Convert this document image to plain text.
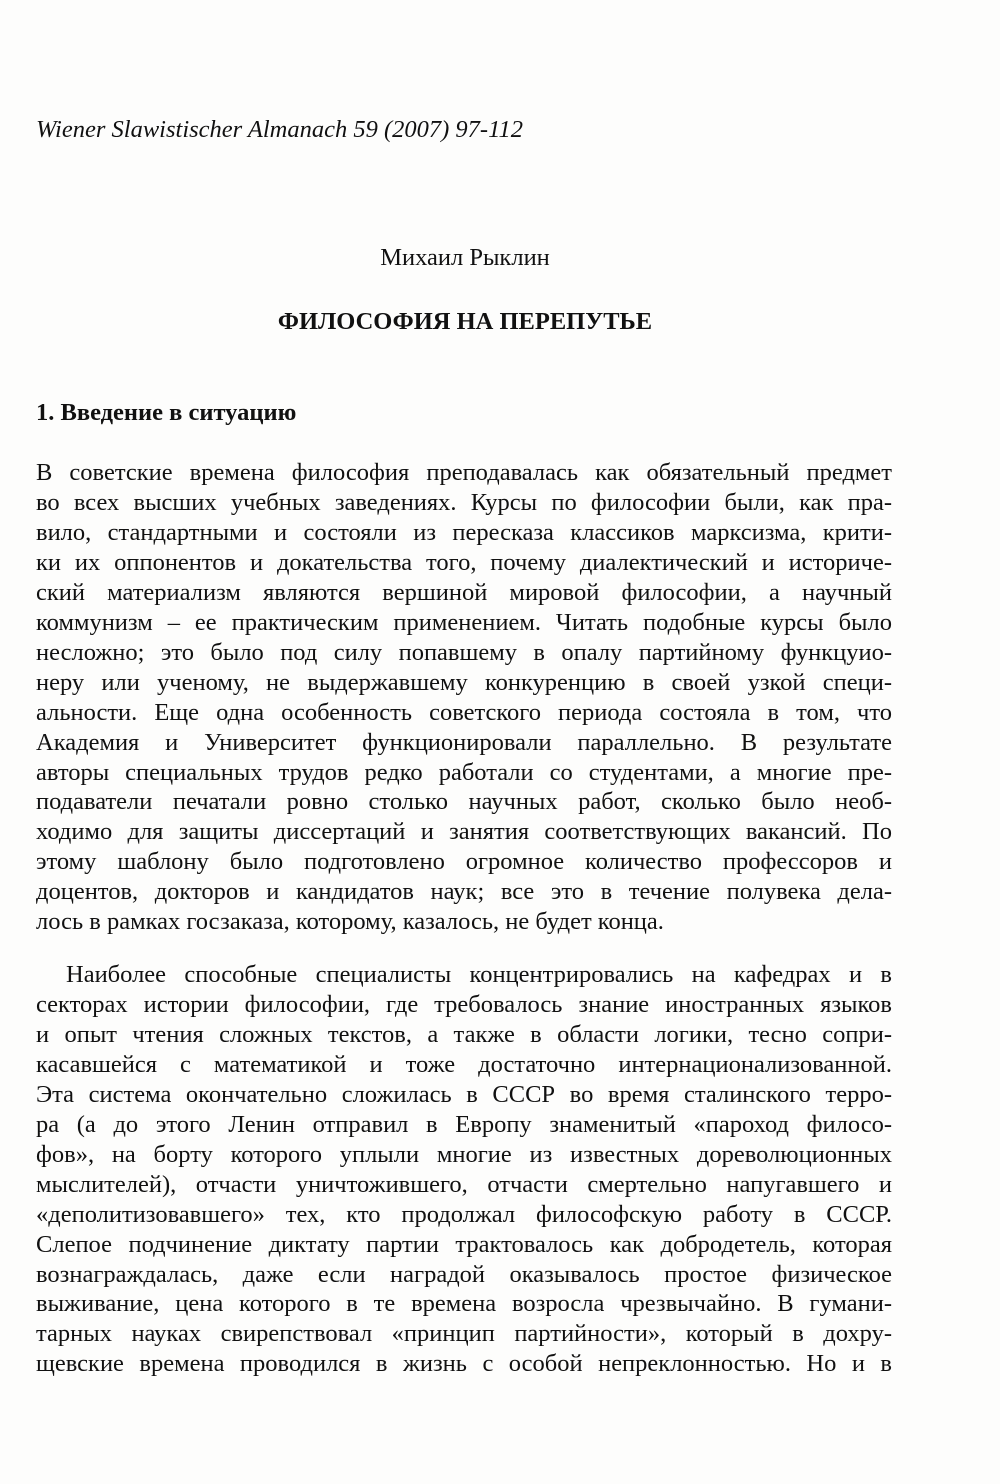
Wiener Slawistischer Almanach 59 (2007) 97-112
Михаил Рыклин
ФИЛОСОФИЯ НА ПЕРЕПУТЬЕ
1. Введение в ситуацию
В советские времена философия преподавалась как обязательный предмет
во всех высших учебных заведениях. Курсы по философии были, как пра-
вило, стандартными и состояли из пересказа классиков марксизма, крити-
ки их оппонентов и докательства того, почему диалектический и историче-
ский материализм являются вершиной мировой философии, а научный
коммунизм – ее практическим применением. Читать подобные курсы было
несложно; это было под силу попавшему в опалу партийному функцуио-
неру или ученому, не выдержавшему конкуренцию в своей узкой специ-
альности. Еще одна особенность советского периода состояла в том, что
Академия и Университет функционировали параллельно. В результате
авторы специальных трудов редко работали со студентами, а многие пре-
подаватели печатали ровно столько научных работ, сколько было необ-
ходимо для защиты диссертаций и занятия соответствующих вакансий. По
этому шаблону было подготовлено огромное количество профессоров и
доцентов, докторов и кандидатов наук; все это в течение полувека дела-
лось в рамках госзаказа, которому, казалось, не будет конца.
Наиболее способные специалисты концентрировались на кафедрах и в
секторах истории философии, где требовалось знание иностранных языков
и опыт чтения сложных текстов, а также в области логики, тесно сопри-
касавшейся с математикой и тоже достаточно интернационализованной.
Эта система окончательно сложилась в СССР во время сталинского терро-
ра (а до этого Ленин отправил в Европу знаменитый «пароход филосо-
фов», на борту которого уплыли многие из известных дореволюционных
мыслителей), отчасти уничтожившего, отчасти смертельно напугавшего и
«деполитизовавшего» тех, кто продолжал философскую работу в СССР.
Слепое подчинение диктату партии трактовалось как добродетель, которая
вознаграждалась, даже если наградой оказывалось простое физическое
выживание, цена которого в те времена возросла чрезвычайно. В гумани-
тарных науках свирепствовал «принцип партийности», который в дохру-
щевские времена проводился в жизнь с особой непреклонностью. Но и в
